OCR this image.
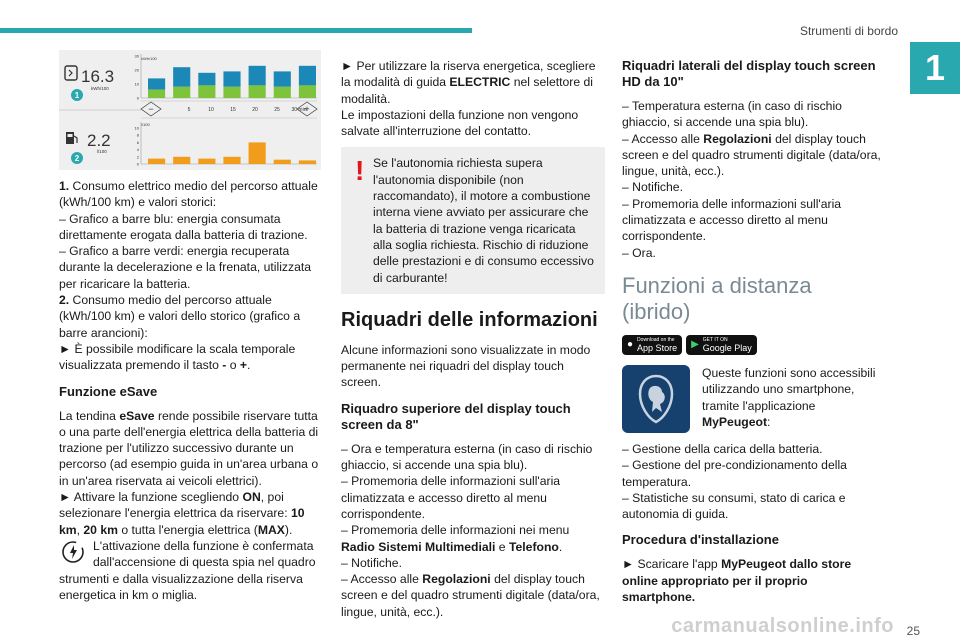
Strumenti di bordo
1
carmanualsonline.info 25
16.3
kWh/100
1
2.2
l/100
2
kWh/100
30
20
10
0
−	+
5	10	15	20	25 30 min
l/100
10
8
6
4
2
0

1. Consumo elettrico medio del percorso attuale (kWh/100 km) e valori storici:
– Grafico a barre blu: energia consumata direttamente erogata dalla batteria di trazione.
– Grafico a barre verdi: energia recuperata durante la decelerazione e la frenata, utilizzata per ricaricare la batteria.
2. Consumo medio del percorso attuale (kWh/100 km) e valori dello storico (grafico a barre arancioni):
► È possibile modificare la scala temporale visualizzata premendo il tasto - o +.

Funzione eSave

La tendina eSave rende possibile riservare tutta o una parte dell'energia elettrica della batteria di trazione per l'utilizzo successivo durante un percorso (ad esempio guida in un'area urbana o in un'area riservata ai veicoli elettrici).
► Attivare la funzione scegliendo ON, poi selezionare l'energia elettrica da riservare: 10 km, 20 km o tutta l'energia elettrica (MAX).

L'attivazione della funzione è confermata dall'accensione di questa spia nel quadro strumenti e dalla visualizzazione della riserva energetica in km o miglia.

► Per utilizzare la riserva energetica, scegliere la modalità di guida ELECTRIC nel selettore di modalità.
Le impostazioni della funzione non vengono salvate all'interruzione del contatto.

! Se l'autonomia richiesta supera l'autonomia disponibile (non raccomandato), il motore a combustione interna viene avviato per assicurare che la batteria di trazione venga ricaricata alla soglia richiesta. Rischio di riduzione delle prestazioni e di consumo eccessivo di carburante!
Riquadri delle informazioni

Alcune informazioni sono visualizzate in modo permanente nei riquadri del display touch screen.

Riquadro superiore del display touch screen da 8"

– Ora e temperatura esterna (in caso di rischio ghiaccio, si accende una spia blu).
– Promemoria delle informazioni sull'aria climatizzata e accesso diretto al menu corrispondente.
– Promemoria delle informazioni nei menu Radio Sistemi Multimediali e Telefono.
– Notifiche.
– Accesso alle Regolazioni del display touch screen e del quadro strumenti digitale (data/ora, lingue, unità, ecc.).

Riquadri laterali del display touch screen HD da 10"

– Temperatura esterna (in caso di rischio ghiaccio, si accende una spia blu).
– Accesso alle Regolazioni del display touch screen e del quadro strumenti digitale (data/ora, lingue, unità, ecc.).
– Notifiche.
– Promemoria delle informazioni sull'aria climatizzata e accesso diretto al menu corrispondente.
– Ora.

Funzioni a distanza
(ibrido)
● Download on the
App Store ▶ GET IT ON
Google Play
Queste funzioni sono accessibili utilizzando uno smartphone, tramite l'applicazione MyPeugeot:

– Gestione della carica della batteria.
– Gestione del pre-condizionamento della temperatura.
– Statistiche su consumi, stato di carica e autonomia di guida.

Procedura d'installazione

► Scaricare l'app MyPeugeot dallo store online appropriato per il proprio smartphone.
